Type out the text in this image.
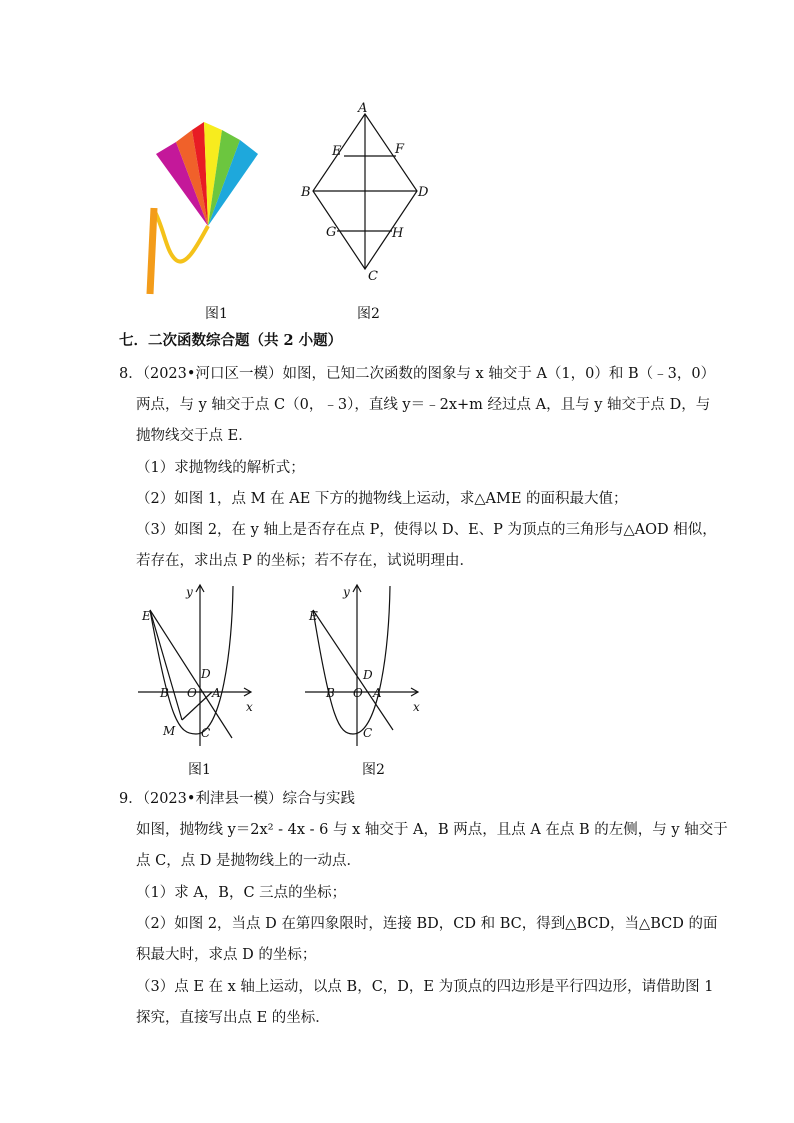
图1
A
E	F
B	D
G	H
C
图2
七．二次函数综合题（共 2 小题）
8．（2023•河口区一模）如图，已知二次函数的图象与 x 轴交于 A（1，0）和 B（﹣3，0）
两点，与 y 轴交于点 C（0，﹣3），直线 y＝﹣2x+m 经过点 A，且与 y 轴交于点 D，与
抛物线交于点 E．
（1）求抛物线的解析式；
（2）如图 1，点 M 在 AE 下方的抛物线上运动，求△AME 的面积最大值；
（3）如图 2，在 y 轴上是否存在点 P，使得以 D、E、P 为顶点的三角形与△AOD 相似，
若存在，求出点 P 的坐标；若不存在，试说明理由．
y
x
E
D
B O A
M C
图1
y
x
E
D
B O A
C
图2
9．（2023•利津县一模）综合与实践
如图，抛物线 y＝2x² - 4x - 6 与 x 轴交于 A，B 两点，且点 A 在点 B 的左侧，与 y 轴交于
点 C，点 D 是抛物线上的一动点．
（1）求 A，B，C 三点的坐标；
（2）如图 2，当点 D 在第四象限时，连接 BD，CD 和 BC，得到△BCD，当△BCD 的面
积最大时，求点 D 的坐标；
（3）点 E 在 x 轴上运动，以点 B，C，D，E 为顶点的四边形是平行四边形，请借助图 1
探究，直接写出点 E 的坐标．
